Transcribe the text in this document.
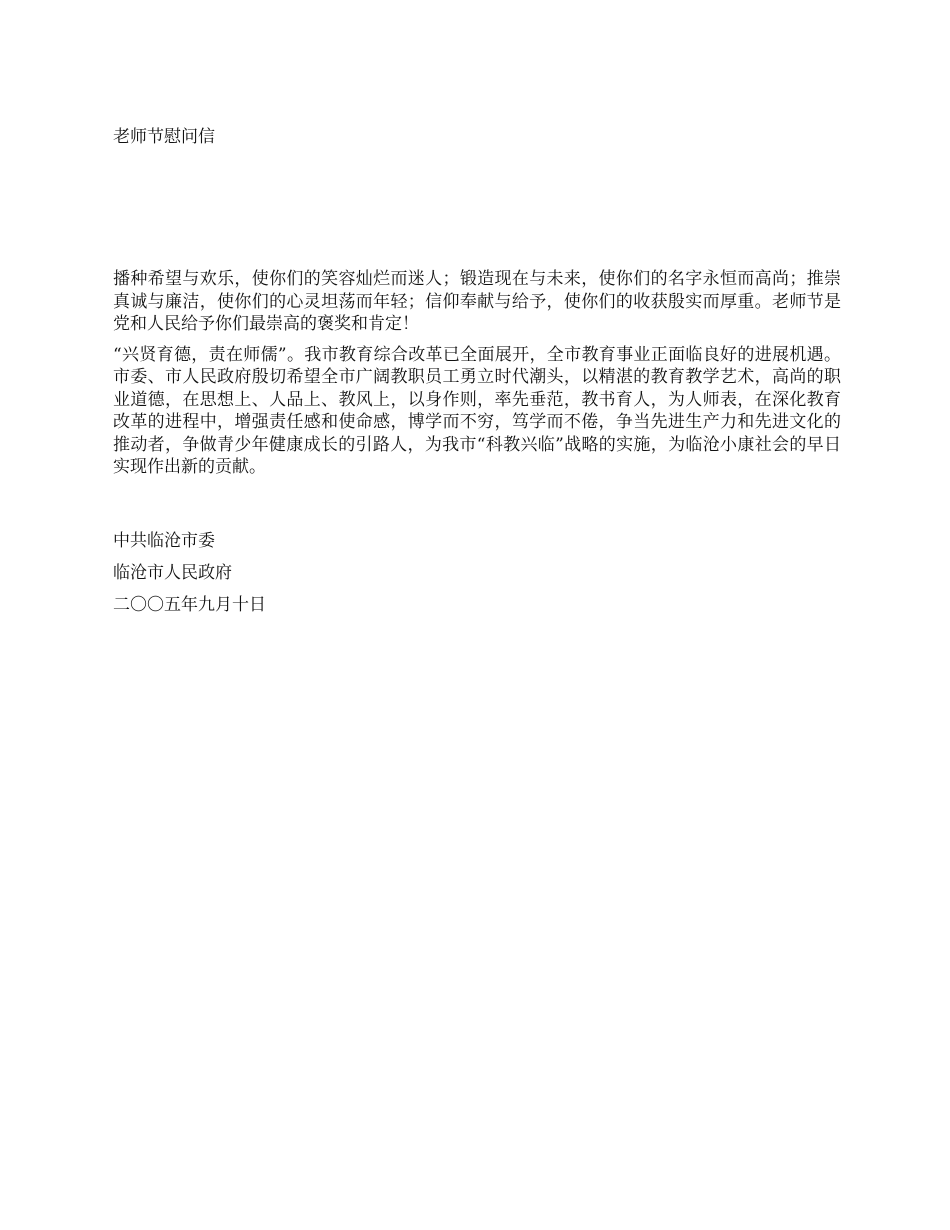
老师节慰问信

播种希望与欢乐，使你们的笑容灿烂而迷人；锻造现在与未来，使你们的名字永恒而高尚；推崇真诚与廉洁，使你们的心灵坦荡而年轻；信仰奉献与给予，使你们的收获殷实而厚重。老师节是党和人民给予你们最崇高的褒奖和肯定！

“兴贤育德，责在师儒”。我市教育综合改革已全面展开，全市教育事业正面临良好的进展机遇。市委、市人民政府殷切希望全市广阔教职员工勇立时代潮头，以精湛的教育教学艺术，高尚的职业道德，在思想上、人品上、教风上，以身作则，率先垂范，教书育人，为人师表，在深化教育改革的进程中，增强责任感和使命感，博学而不穷，笃学而不倦，争当先进生产力和先进文化的推动者，争做青少年健康成长的引路人，为我市“科教兴临”战略的实施，为临沧小康社会的早日实现作出新的贡献。

中共临沧市委
临沧市人民政府
二〇〇五年九月十日
